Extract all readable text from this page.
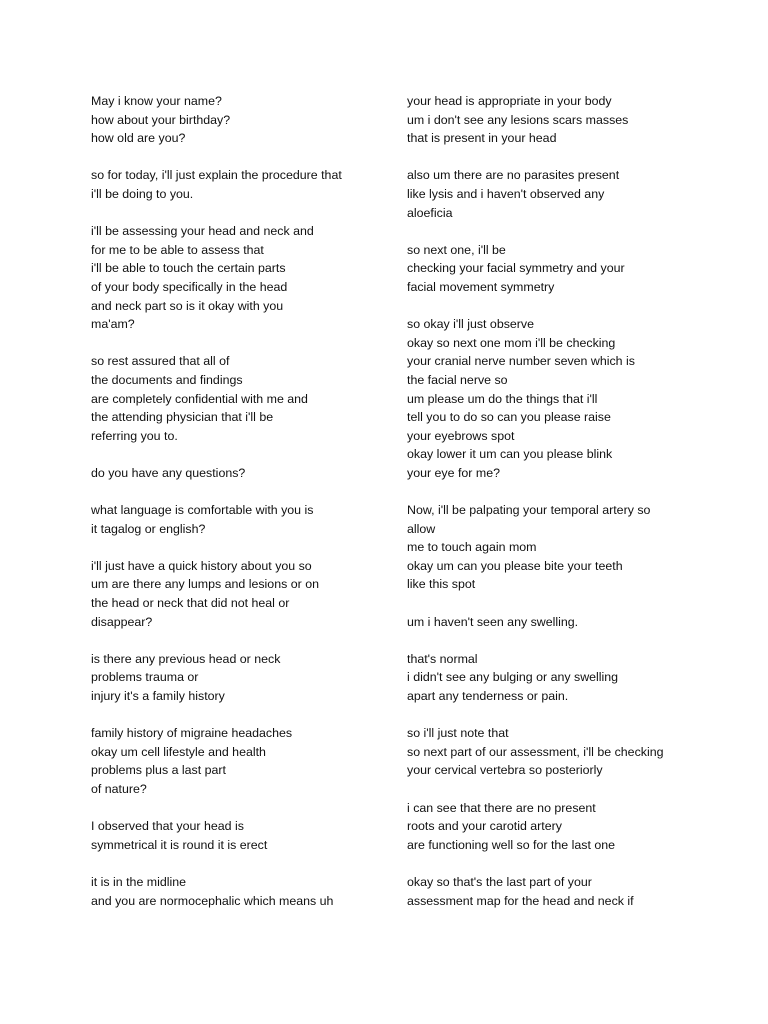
May i know your name?
how about your birthday?
how old are you?
so for today, i'll just explain the procedure that
i'll be doing to you.
i'll be assessing your head and neck and
for me to be able to assess that
i'll be able to touch the certain parts
of your body specifically in the head
and neck part so is it okay with you
ma'am?
so rest assured that all of
the documents and findings
are completely confidential with me and
the attending physician that i'll be
referring you to.
do you have any questions?
what language is comfortable with you is
it tagalog or english?
i'll just have a quick history about you so
um are there any lumps and lesions or on
the head or neck that did not heal or
disappear?
is there any previous head or neck
problems trauma or
injury it's a family history
family history of migraine headaches
okay um cell lifestyle and health
problems plus a last part
of nature?
I observed that your head is
symmetrical it is round it is erect
it is in the midline
and you are normocephalic which means uh
your head is appropriate in your body
um i don't see any lesions scars masses
that is present in your head
also um there are no parasites present
like lysis and i haven't observed any
aloeficia
so next one, i'll be
checking your facial symmetry and your
facial movement symmetry
so okay i'll just observe
okay so next one mom i'll be checking
your cranial nerve number seven which is
the facial nerve so
um please um do the things that i'll
tell you to do so can you please raise
your eyebrows spot
okay lower it um can you please blink
your eye for me?
Now, i'll be palpating your temporal artery so
allow
me to touch again mom
okay um can you please bite your teeth
like this spot
um i haven't seen any swelling.
that's normal
i didn't see any bulging or any swelling
apart any tenderness or pain.
so i'll just note that
so next part of our assessment, i'll be checking
your cervical vertebra so posteriorly
i can see that there are no present
roots and your carotid artery
are functioning well so for the last one
okay so that's the last part of your
assessment map for the head and neck if
